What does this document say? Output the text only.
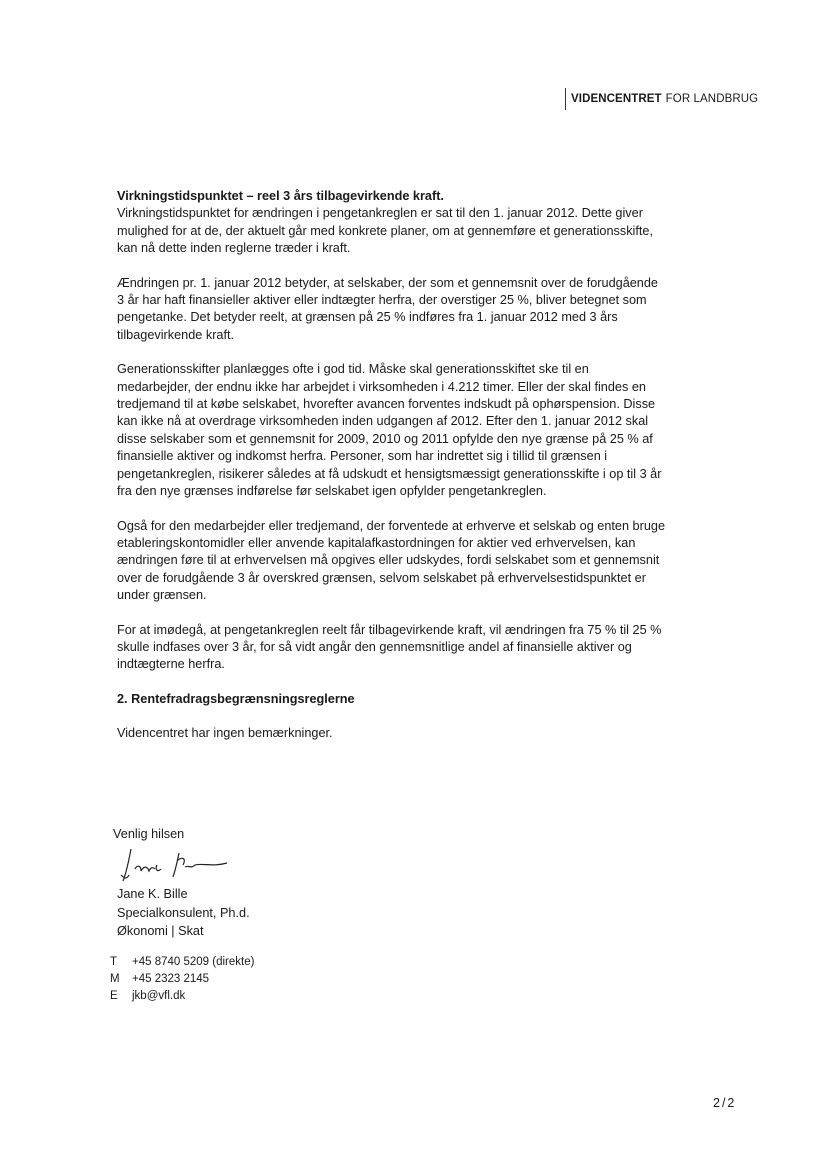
VIDENCENTRET FOR LANDBRUG
Virkningstidspunktet – reel 3 års tilbagevirkende kraft.

Virkningstidspunktet for ændringen i pengetankreglen er sat til den 1. januar 2012. Dette giver mulighed for at de, der aktuelt går med konkrete planer, om at gennemføre et generationsskifte, kan nå dette inden reglerne træder i kraft.

Ændringen pr. 1. januar 2012 betyder, at selskaber, der som et gennemsnit over de forudgående 3 år har haft finansieller aktiver eller indtægter herfra, der overstiger 25 %, bliver betegnet som pengetanke. Det betyder reelt, at grænsen på 25 % indføres fra 1. januar 2012 med 3 års tilbagevirkende kraft.

Generationsskifter planlægges ofte i god tid. Måske skal generationsskiftet ske til en medarbejder, der endnu ikke har arbejdet i virksomheden i 4.212 timer. Eller der skal findes en tredjemand til at købe selskabet, hvorefter avancen forventes indskudt på ophørspension. Disse kan ikke nå at overdrage virksomheden inden udgangen af 2012. Efter den 1. januar 2012 skal disse selskaber som et gennemsnit for 2009, 2010 og 2011 opfylde den nye grænse på 25 % af finansielle aktiver og indkomst herfra. Personer, som har indrettet sig i tillid til grænsen i pengetankreglen, risikerer således at få udskudt et hensigtsmæssigt generationsskifte i op til 3 år fra den nye grænses indførelse før selskabet igen opfylder pengetankreglen.

Også for den medarbejder eller tredjemand, der forventede at erhverve et selskab og enten bruge etableringskontomidler eller anvende kapitalafkastordningen for aktier ved erhvervelsen, kan ændringen føre til at erhvervelsen må opgives eller udskydes, fordi selskabet som et gennemsnit over de forudgående 3 år overskred grænsen, selvom selskabet på erhvervelsestidspunktet er under grænsen.

For at imødegå, at pengetankreglen reelt får tilbagevirkende kraft, vil ændringen fra 75 % til 25 % skulle indfases over 3 år, for så vidt angår den gennemsnitlige andel af finansielle aktiver og indtægterne herfra.

2. Rentefradragsbegrænsningsreglerne

Videncentret har ingen bemærkninger.

Venlig hilsen
Jane K. Bille
Specialkonsulent, Ph.d.
Økonomi | Skat
T	+45 8740 5209 (direkte)
M	+45 2323 2145
E	jkb@vfl.dk
2/2
